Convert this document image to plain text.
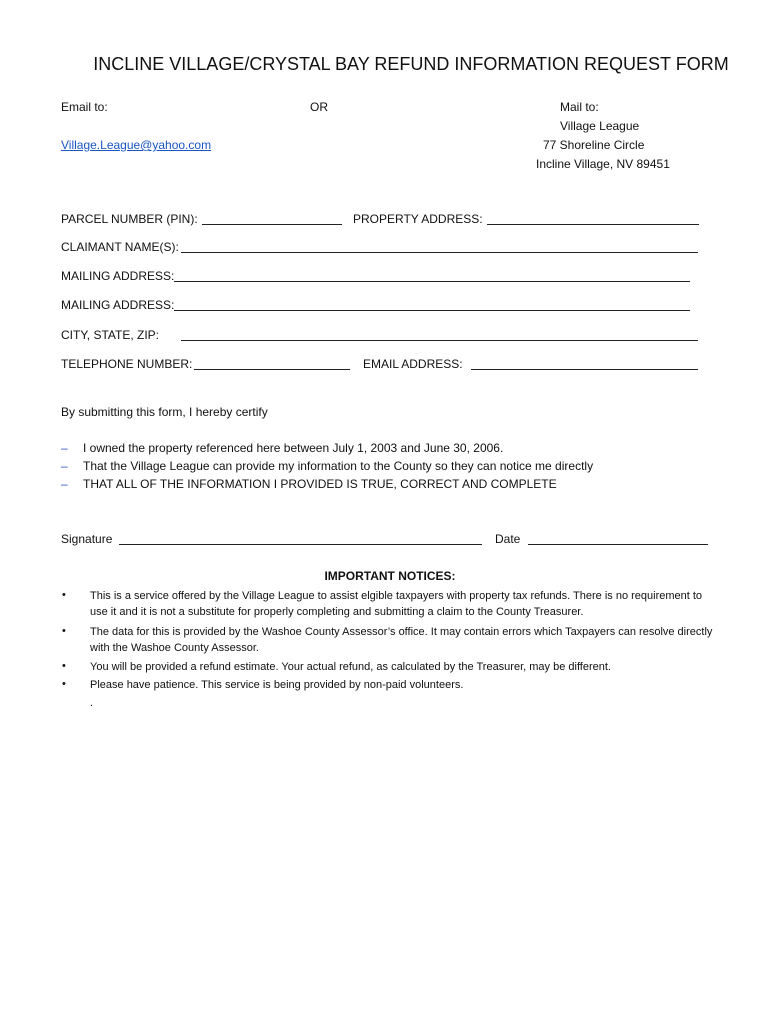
INCLINE VILLAGE/CRYSTAL BAY REFUND INFORMATION REQUEST FORM
Email to:	OR	Mail to:
Village League
Village.League@yahoo.com	77 Shoreline Circle
Incline Village, NV 89451
PARCEL NUMBER (PIN):	PROPERTY ADDRESS:
CLAIMANT NAME(S):
MAILING ADDRESS:
MAILING ADDRESS:
CITY, STATE, ZIP:
TELEPHONE NUMBER:	EMAIL ADDRESS:
By submitting this form, I hereby certify
– I owned the property referenced here between July 1, 2003 and June 30, 2006.
– That the Village League can provide my information to the County so they can notice me directly
– THAT ALL OF THE INFORMATION I PROVIDED IS TRUE, CORRECT AND COMPLETE
Signature	Date
IMPORTANT NOTICES:
• This is a service offered by the Village League to assist elgible taxpayers with property tax refunds. There is no requirement to use it and it is not a substitute for properly completing and submitting a claim to the County Treasurer.
• The data for this is provided by the Washoe County Assessor’s office. It may contain errors which Taxpayers can resolve directly with the Washoe County Assessor.
• You will be provided a refund estimate. Your actual refund, as calculated by the Treasurer, may be different.
• Please have patience. This service is being provided by non-paid volunteers.
.
